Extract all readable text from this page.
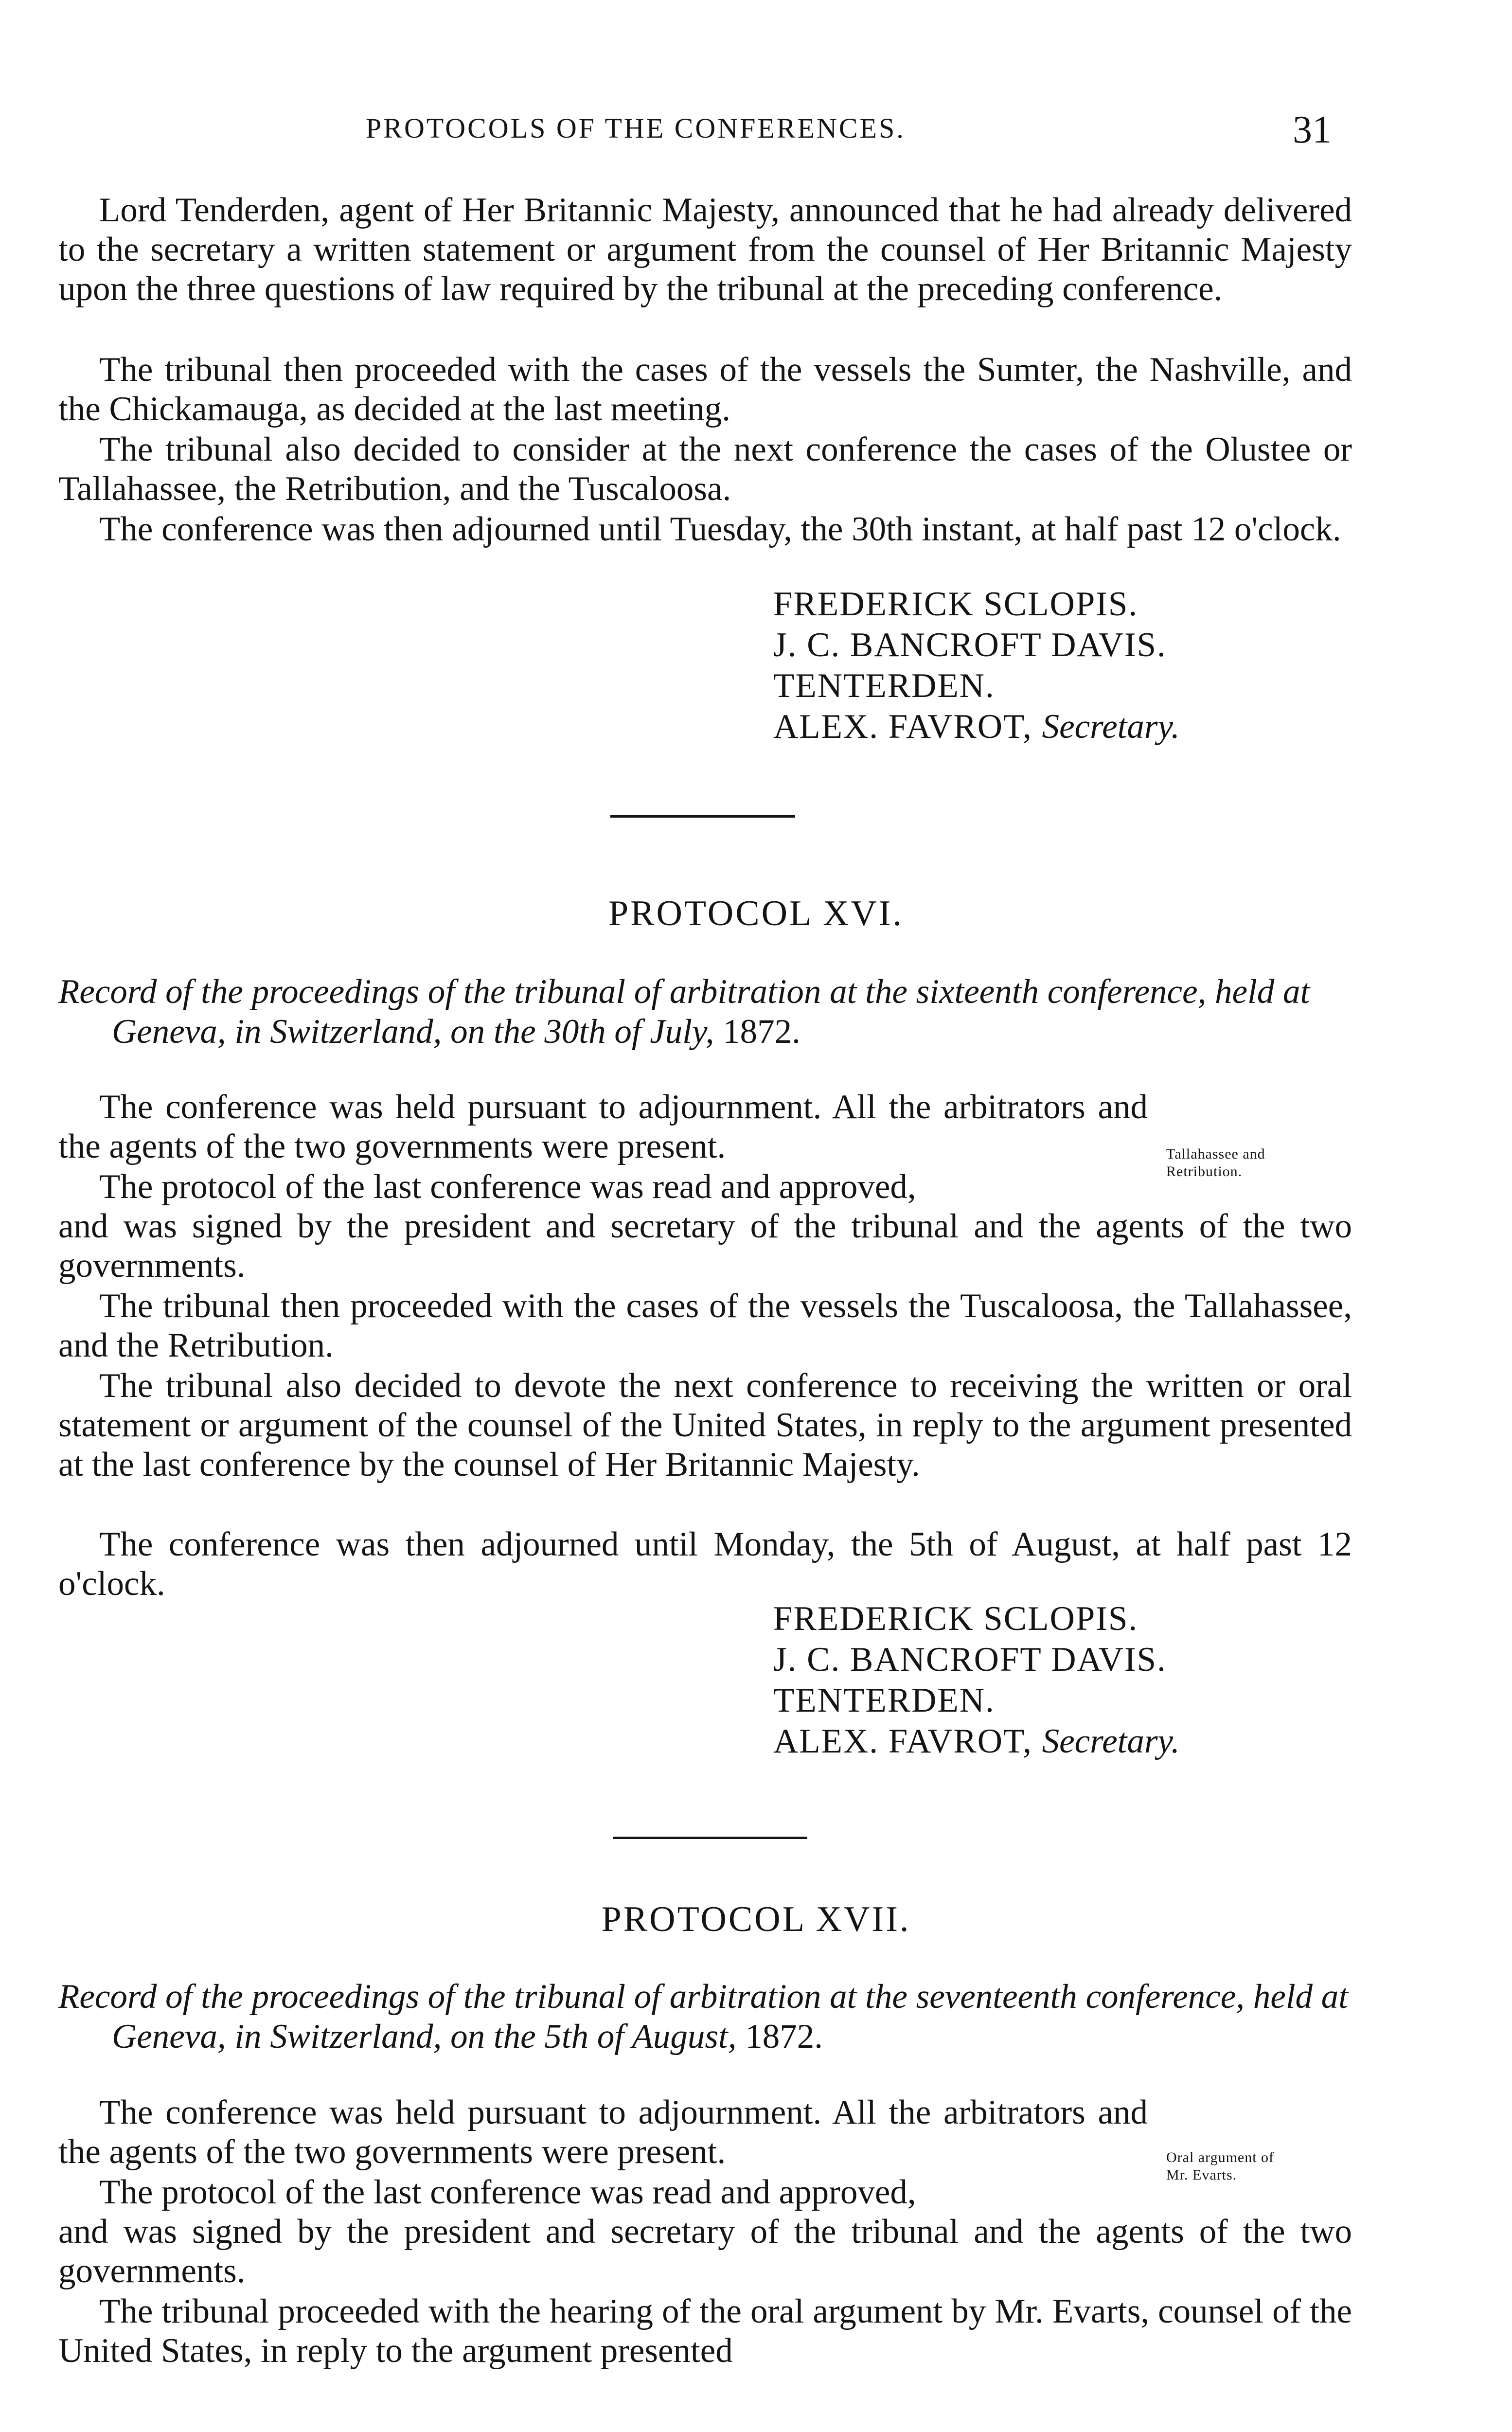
PROTOCOLS OF THE CONFERENCES.	31

Lord Tenderden, agent of Her Britannic Majesty, announced that he had already delivered to the secretary a written statement or argument from the counsel of Her Britannic Majesty upon the three questions of law required by the tribunal at the preceding conference.

The tribunal then proceeded with the cases of the vessels the Sumter, the Nashville, and the Chickamauga, as decided at the last meeting.

The tribunal also decided to consider at the next conference the cases of the Olustee or Tallahassee, the Retribution, and the Tuscaloosa.

The conference was then adjourned until Tuesday, the 30th instant, at half past 12 o'clock.

FREDERICK SCLOPIS.
J. C. BANCROFT DAVIS.
TENTERDEN.
ALEX. FAVROT, Secretary.
PROTOCOL XVI.

Record of the proceedings of the tribunal of arbitration at the sixteenth conference, held at Geneva, in Switzerland, on the 30th of July, 1872.

Tallahassee and
Retribution.

The conference was held pursuant to adjournment. All the arbitrators and the agents of the two governments were present.

The protocol of the last conference was read and approved,

and was signed by the president and secretary of the tribunal and the agents of the two governments.

The tribunal then proceeded with the cases of the vessels the Tuscaloosa, the Tallahassee, and the Retribution.

The tribunal also decided to devote the next conference to receiving the written or oral statement or argument of the counsel of the United States, in reply to the argument presented at the last conference by the counsel of Her Britannic Majesty.

The conference was then adjourned until Monday, the 5th of August, at half past 12 o'clock.

FREDERICK SCLOPIS.
J. C. BANCROFT DAVIS.
TENTERDEN.
ALEX. FAVROT, Secretary.
PROTOCOL XVII.

Record of the proceedings of the tribunal of arbitration at the seventeenth conference, held at Geneva, in Switzerland, on the 5th of August, 1872.

Oral argument of
Mr. Evarts.

The conference was held pursuant to adjournment. All the arbitrators and the agents of the two governments were present.

The protocol of the last conference was read and approved,

and was signed by the president and secretary of the tribunal and the agents of the two governments.

The tribunal proceeded with the hearing of the oral argument by Mr. Evarts, counsel of the United States, in reply to the argument presented
